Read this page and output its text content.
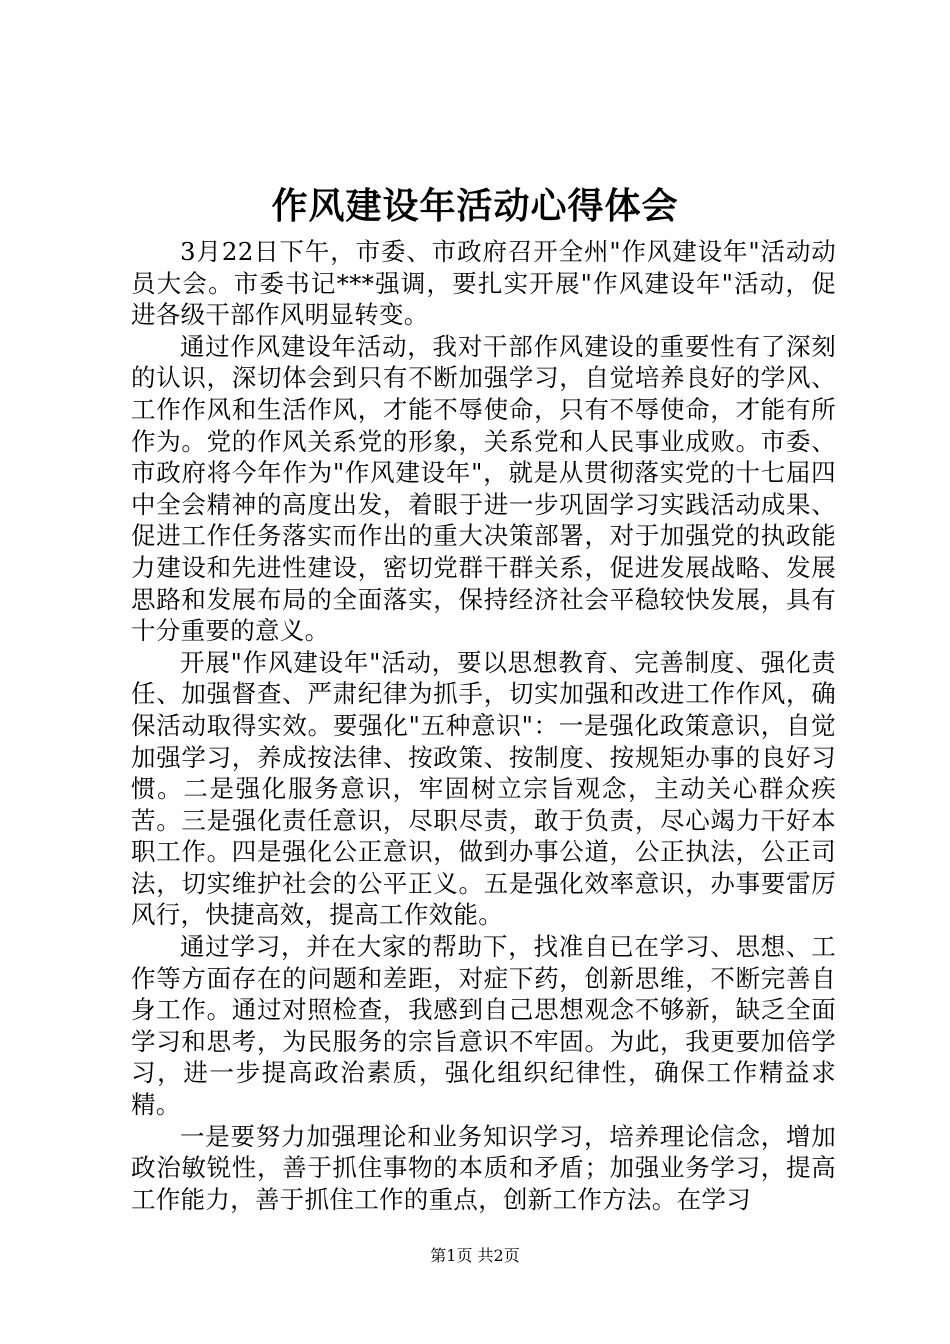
作风建设年活动心得体会

3月22日下午，市委、市政府召开全州"作风建设年"活动动员大会。市委书记***强调，要扎实开展"作风建设年"活动，促进各级干部作风明显转变。

通过作风建设年活动，我对干部作风建设的重要性有了深刻的认识，深切体会到只有不断加强学习，自觉培养良好的学风、工作作风和生活作风，才能不辱使命，只有不辱使命，才能有所作为。党的作风关系党的形象，关系党和人民事业成败。市委、市政府将今年作为"作风建设年"，就是从贯彻落实党的十七届四中全会精神的高度出发，着眼于进一步巩固学习实践活动成果、促进工作任务落实而作出的重大决策部署，对于加强党的执政能力建设和先进性建设，密切党群干群关系，促进发展战略、发展思路和发展布局的全面落实，保持经济社会平稳较快发展，具有十分重要的意义。

开展"作风建设年"活动，要以思想教育、完善制度、强化责任、加强督查、严肃纪律为抓手，切实加强和改进工作作风，确保活动取得实效。要强化"五种意识"：一是强化政策意识，自觉加强学习，养成按法律、按政策、按制度、按规矩办事的良好习惯。二是强化服务意识，牢固树立宗旨观念，主动关心群众疾苦。三是强化责任意识，尽职尽责，敢于负责，尽心竭力干好本职工作。四是强化公正意识，做到办事公道，公正执法，公正司法，切实维护社会的公平正义。五是强化效率意识，办事要雷厉风行，快捷高效，提高工作效能。

通过学习，并在大家的帮助下，找准自已在学习、思想、工作等方面存在的问题和差距，对症下药，创新思维，不断完善自身工作。通过对照检查，我感到自己思想观念不够新，缺乏全面学习和思考，为民服务的宗旨意识不牢固。为此，我更要加倍学习，进一步提高政治素质，强化组织纪律性，确保工作精益求精。

一是要努力加强理论和业务知识学习，培养理论信念，增加政治敏锐性，善于抓住事物的本质和矛盾；加强业务学习，提高工作能力，善于抓住工作的重点，创新工作方法。在学习

第1页 共2页
